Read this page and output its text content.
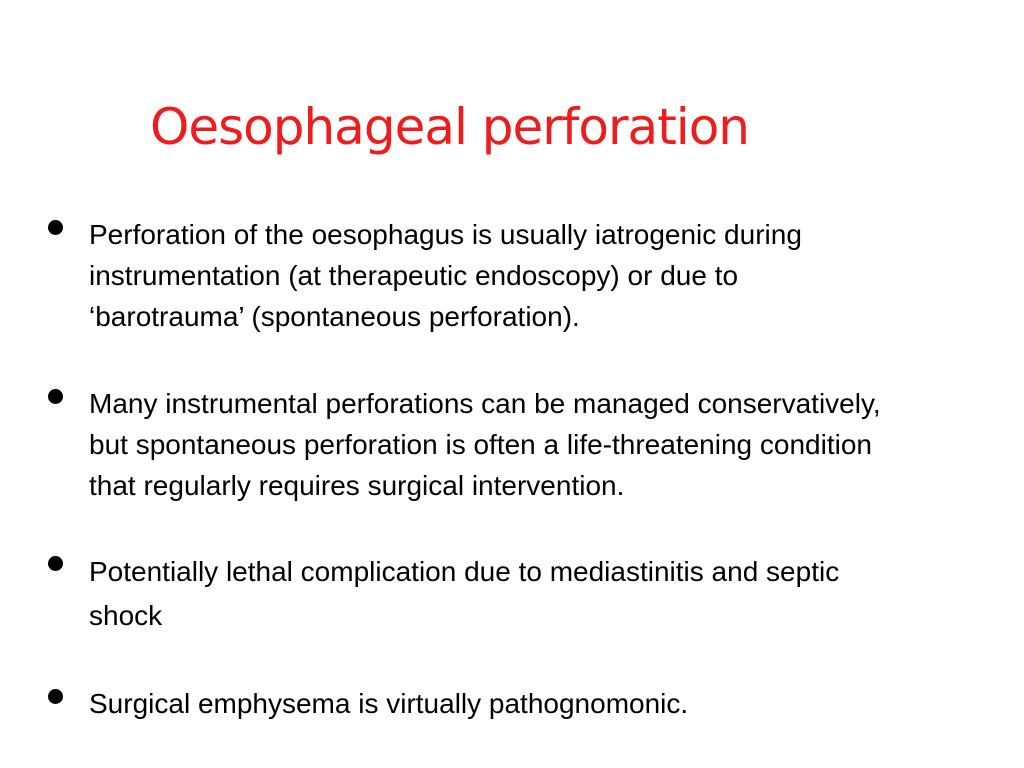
Oesophageal perforation
Perforation of the oesophagus is usually iatrogenic during
instrumentation (at therapeutic endoscopy) or due to
‘barotrauma’ (spontaneous perforation).
Many instrumental perforations can be managed conservatively,
but spontaneous perforation is often a life-threatening condition
that regularly requires surgical intervention.
Potentially lethal complication due to mediastinitis and septic
shock
Surgical emphysema is virtually pathognomonic.
